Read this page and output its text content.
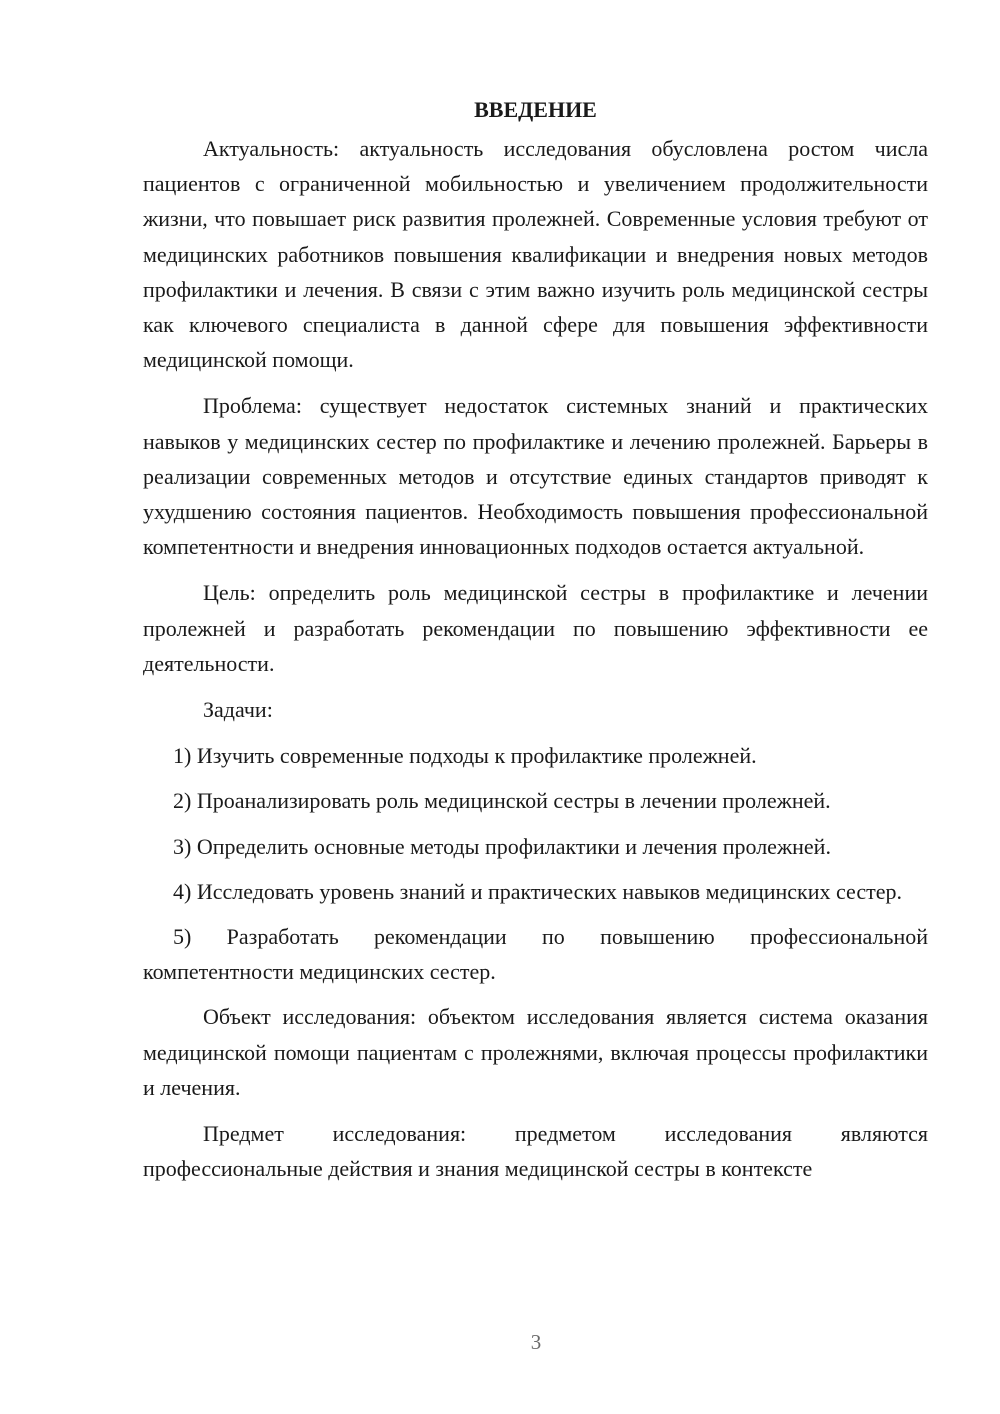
ВВЕДЕНИЕ

Актуальность: актуальность исследования обусловлена ростом числа пациентов с ограниченной мобильностью и увеличением продолжительности жизни, что повышает риск развития пролежней. Современные условия требуют от медицинских работников повышения квалификации и внедрения новых методов профилактики и лечения. В связи с этим важно изучить роль медицинской сестры как ключевого специалиста в данной сфере для повышения эффективности медицинской помощи.

Проблема: существует недостаток системных знаний и практических навыков у медицинских сестер по профилактике и лечению пролежней. Барьеры в реализации современных методов и отсутствие единых стандартов приводят к ухудшению состояния пациентов. Необходимость повышения профессиональной компетентности и внедрения инновационных подходов остается актуальной.

Цель: определить роль медицинской сестры в профилактике и лечении пролежней и разработать рекомендации по повышению эффективности ее деятельности.

Задачи:

1) Изучить современные подходы к профилактике пролежней.

2) Проанализировать роль медицинской сестры в лечении пролежней.

3) Определить основные методы профилактики и лечения пролежней.

4) Исследовать уровень знаний и практических навыков медицинских сестер.

5) Разработать рекомендации по повышению профессиональной компетентности медицинских сестер.

Объект исследования: объектом исследования является система оказания медицинской помощи пациентам с пролежнями, включая процессы профилактики и лечения.

Предмет исследования: предметом исследования являются профессиональные действия и знания медицинской сестры в контексте

3
